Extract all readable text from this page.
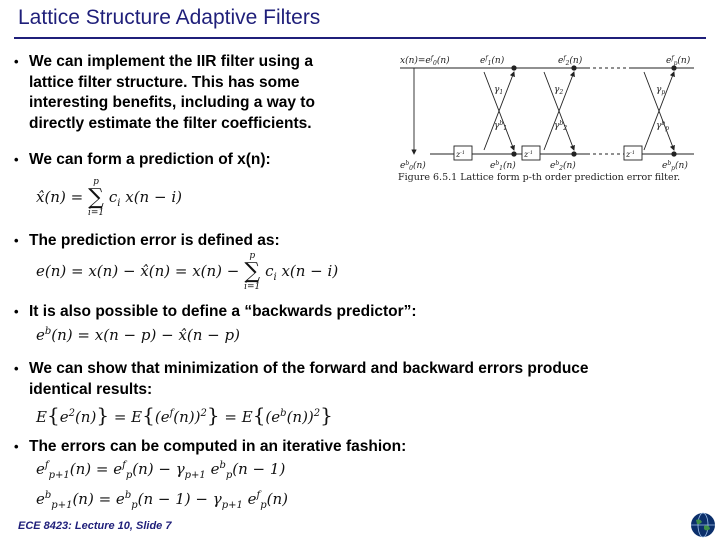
Lattice Structure Adaptive Filters
• We can implement the IIR filter using a
lattice filter structure. This has some
interesting benefits, including a way to
directly estimate the filter coefficients.
• We can form a prediction of x(n):
x̂(n) =
p
∑
i=1
$c_i$ x(n − i)
• The prediction error is defined as:
e(n) = x(n) − x̂(n) = x(n) −
p
∑
i=1
$c_i$ x(n − i)
• It is also possible to define a “backwards predictor”:
$e^b(n) = x(n - p)$ − x̂(n − p)
• We can show that minimization of the forward and backward errors produce
identical results:
$E\{e^2(n)\} = E\{(e^f(n))^2\} = E\{(e^b(n))^2\}$
• The errors can be computed in an iterative fashion:
$e^f_{p+1}(n) = e^f_p(n) - \gamma_{p+1}$ $e^b_p(n - 1)$
$e^b_{p+1}(n) = e^b_p(n - 1) - \gamma_{p+1}$ $e^f_p(n)$
$x(n)=e^f_0(n)$	$e^f_1(n)$	$e^f_2(n)$	$e^f_p(n)$
$\gamma_1$	$\gamma_2$	$\gamma_p$
$\gamma^b_1$	$\gamma^b_2$	$\gamma^b_p$
$z^{-1}$	$z^{-1}$	$z^{-1}$
$e^b_0(n)$	$e^b_1(n)$	$e^b_2(n)$	$e^b_p(n)$
Figure 6.5.1 Lattice form p-th order prediction error filter.
ECE 8423: Lecture 10, Slide 7
